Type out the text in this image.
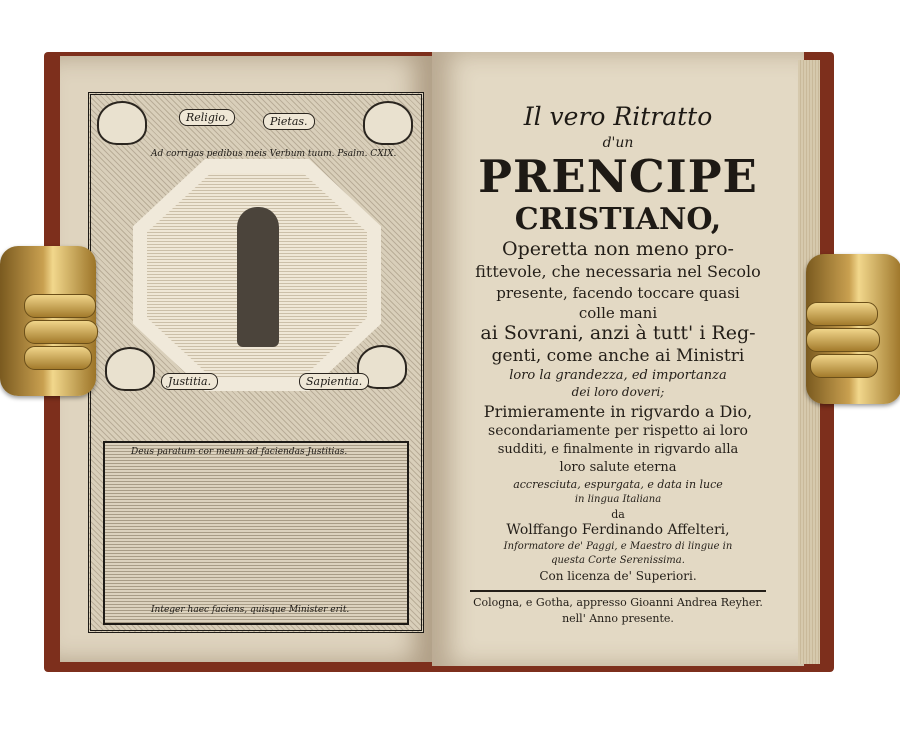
Religio.	Pietas.
Justitia.	Sapientia.
Ad corrigas pedibus meis Verbum tuum. Psalm. CXIX.
Deus paratum cor meum ad faciendas Justitias.
Integer haec faciens, quisque Minister erit.
Il vero Ritratto
d'un
PRENCIPE
CRISTIANO,
Operetta non meno pro-
fittevole, che necessaria nel Secolo
presente, facendo toccare quasi
colle mani
ai Sovrani, anzi à tutt' i Reg-
genti, come anche ai Ministri
loro la grandezza, ed importanza
dei loro doveri;
Primieramente in rigvardo a Dio,
secondariamente per rispetto ai loro
sudditi, e finalmente in rigvardo alla
loro salute eterna
accresciuta, espurgata, e data in luce
in lingua Italiana
da
Wolffango Ferdinando Affelteri,
Informatore de' Paggi, e Maestro di lingue in
questa Corte Serenissima.
Con licenza de' Superiori.
Cologna, e Gotha, appresso Gioanni Andrea Reyher.
nell' Anno presente.
